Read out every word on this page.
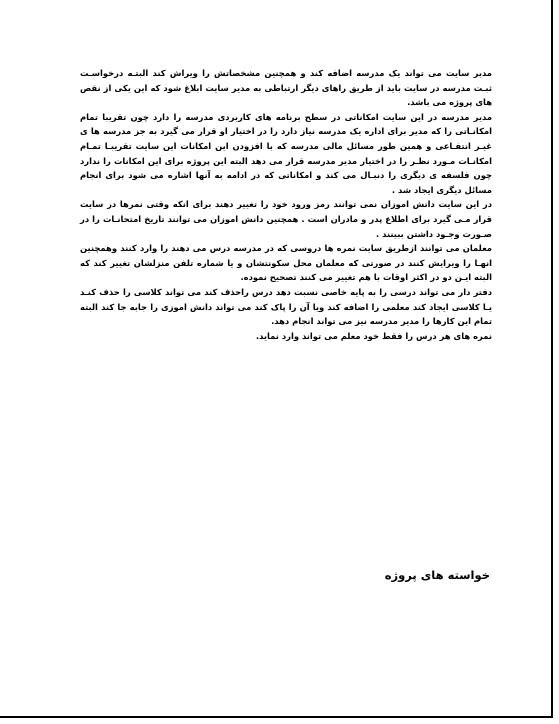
مدیر سایت می تواند یک مدرسه اضافه کند و همچنین مشخصاتش را ویراش کند البتـه درخواسـت ثبـت مدرسه در سایت باید از طریق راهای دیگر ارتباطی به مدیر سایت ابلاغ شود که این یکی از نقص های پروژه می باشد.

مدیر مدرسه در این سایت امکاناتی در سطح برنامه های کاربردی مدرسه را دارد چون تقریبا تمام امکانـاتی را که مدیر برای اداره یک مدرسه نیاز دارد را در اختیار او قرار می گیرد به جز مدرسه ها ی غیـر انتفـاعی و همین طور مسائل مالی مدرسه که با افزودن این امکانات این سایت تقریبـا تمـام امکانـات مـورد نظـر را در اختیار مدیر مدرسه قرار می دهد البته این پروژه برای این امکانات را ندارد چون فلسفه ی دیگری را دنبـال می کند و امکاناتی که در ادامه به آنها اشاره می شود برای انجام مسائل دیگری ایجاد شد .

در این سایت دانش اموزان نمی توانند رمز ورود خود را تغییر دهند برای انکه وقتی نمرها در سایت قرار مـی گیرد برای اطلاع پدر و مادران است . همچنین دانش اموزان می توانند تاریخ امتحانـات را در صـورت وجـود داشتن ببینند .

معلمان می توانند ازطریق سایت نمره ها دروسی که در مدرسه درس می دهند را وارد کنند وهمچنین انهـا را ویرایش کنند در صورتی که معلمان محل سکونتشان و یا شماره تلفن منزلشان تغییر کند که البته ایـن دو در اکثر اوقات با هم تغییر می کنند تصحیح نموده.

دفتر دار می تواند درسی را به پایه خاصی نسبت دهد درس راحذف کند می تواند کلاسی را حذف کنـد یـا کلاسی ایجاد کند معلمی را اضافه کند ویا آن را پاک کند می تواند دانش اموزی را جابه جا کند البته تمام این کارها را مدیر مدرسه نیز می تواند انجام دهد.

نمره های هر درس را فقط خود معلم می تواند وارد نماید.

خواسته های پروژه
